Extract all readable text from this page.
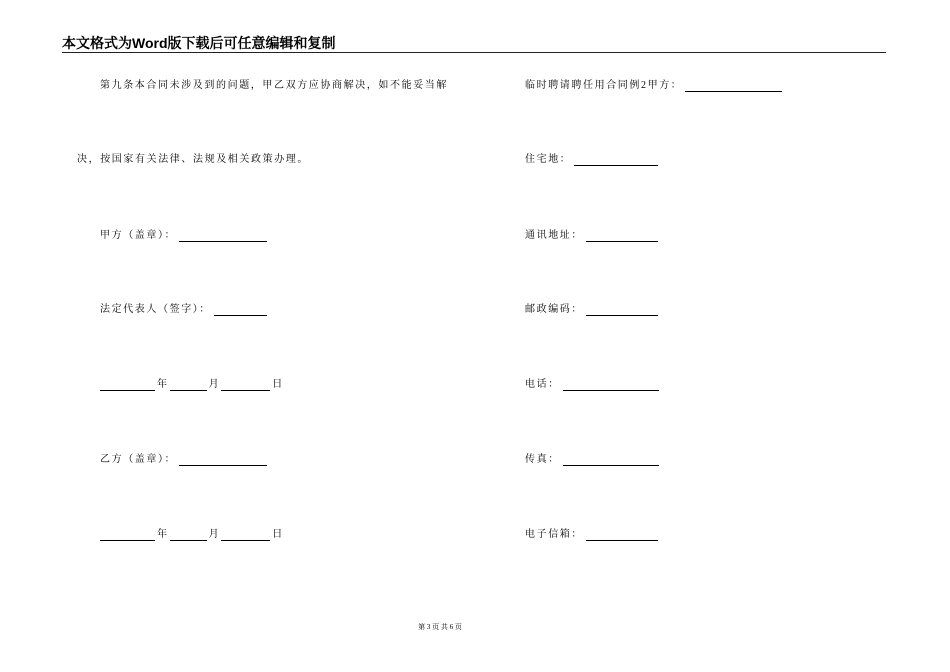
本文格式为Word版下载后可任意编辑和复制
第九条本合同未涉及到的问题，甲乙双方应协商解决，如不能妥当解
决，按国家有关法律、法规及相关政策办理。
甲方（盖章）：
法定代表人（签字）：
年	月	日
乙方（盖章）：
年	月	日
临时聘请聘任用合同例2甲方：
住宅地：
通讯地址：
邮政编码：
电话：
传真：
电子信箱：
第 3 页 共 6 页
